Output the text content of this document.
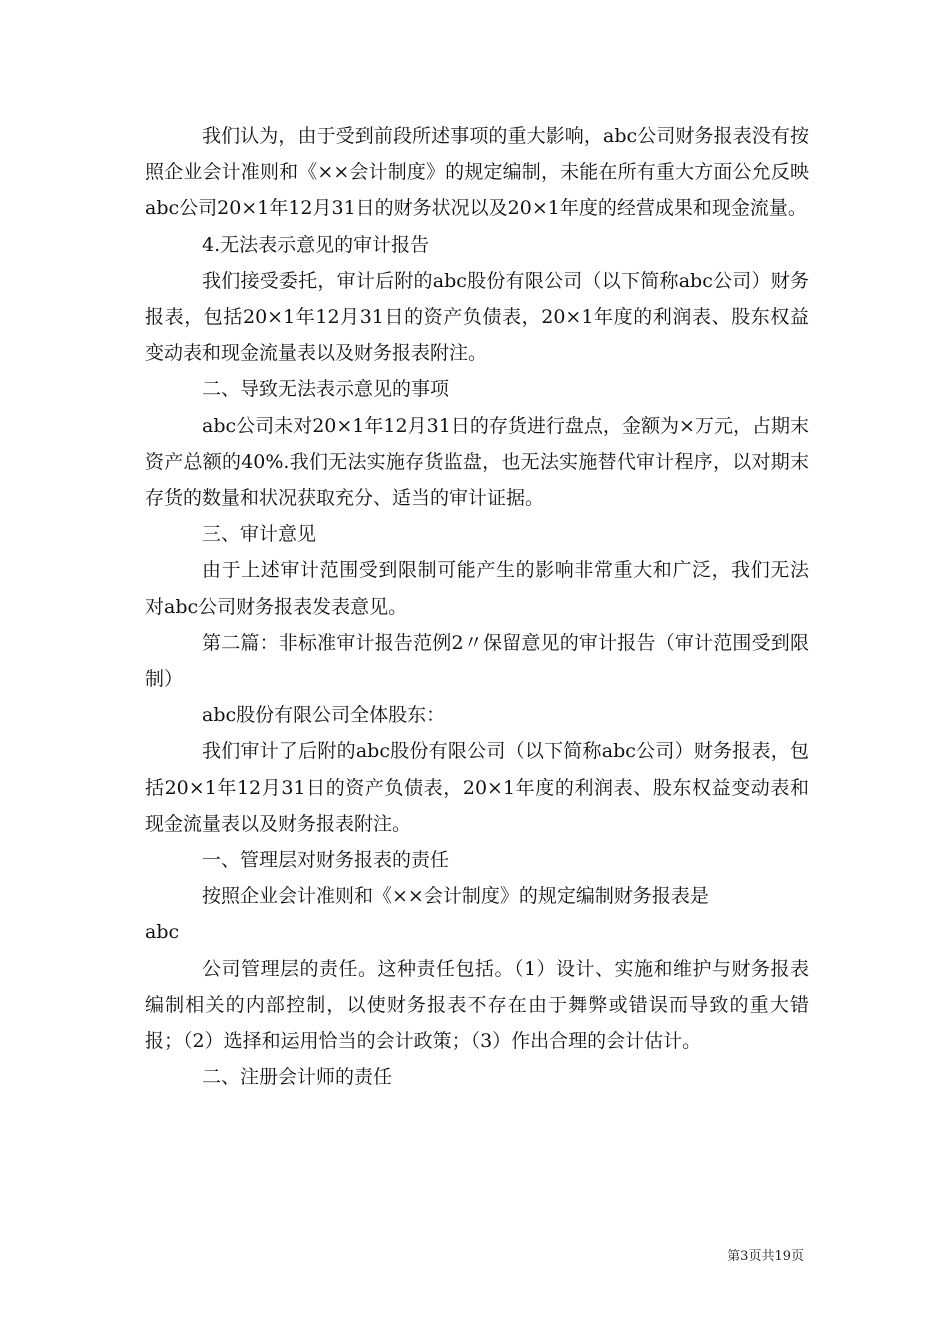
我们认为，由于受到前段所述事项的重大影响，abc公司财务报表没有按照企业会计准则和《××会计制度》的规定编制，未能在所有重大方面公允反映abc公司20×1年12月31日的财务状况以及20×1年度的经营成果和现金流量。

4.无法表示意见的审计报告

我们接受委托，审计后附的abc股份有限公司（以下简称abc公司）财务报表，包括20×1年12月31日的资产负债表，20×1年度的利润表、股东权益变动表和现金流量表以及财务报表附注。

二、导致无法表示意见的事项

abc公司未对20×1年12月31日的存货进行盘点，金额为×万元，占期末资产总额的40%.我们无法实施存货监盘，也无法实施替代审计程序，以对期末存货的数量和状况获取充分、适当的审计证据。

三、审计意见

由于上述审计范围受到限制可能产生的影响非常重大和广泛，我们无法对abc公司财务报表发表意见。

第二篇：非标准审计报告范例2〃保留意见的审计报告（审计范围受到限制）

abc股份有限公司全体股东：

我们审计了后附的abc股份有限公司（以下简称abc公司）财务报表，包括20×1年12月31日的资产负债表，20×1年度的利润表、股东权益变动表和现金流量表以及财务报表附注。

一、管理层对财务报表的责任

按照企业会计准则和《××会计制度》的规定编制财务报表是

abc

公司管理层的责任。这种责任包括。（1）设计、实施和维护与财务报表编制相关的内部控制，以使财务报表不存在由于舞弊或错误而导致的重大错报；（2）选择和运用恰当的会计政策；（3）作出合理的会计估计。

二、注册会计师的责任

第3页共19页
